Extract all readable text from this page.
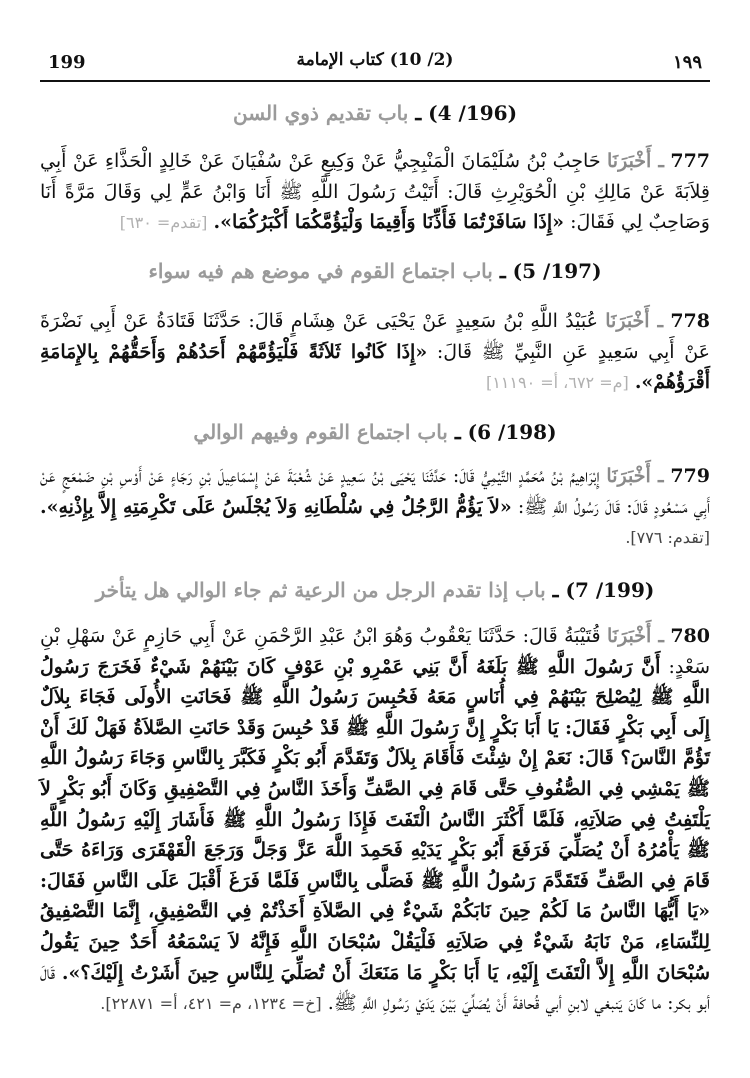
199	(2/ 10) كتاب الإمامة	١٩٩
(196/ 4) ـ باب تقديم ذوي السن
777 ـ أَخْبَرَنَا حَاجِبُ بْنُ سُلَيْمَانَ الْمَنْبِجِيُّ عَنْ وَكِيعٍ عَنْ سُفْيَانَ عَنْ خَالِدٍ الْحَذَّاءِ عَنْ أَبِي قِلاَبَةَ عَنْ مَالِكِ بْنِ الْحُوَيْرِثِ قَالَ: أَتَيْتُ رَسُولَ اللَّهِ ﷺ أَنَا وَابْنُ عَمٍّ لِي وَقَالَ مَرَّةً أَنَا وَصَاحِبٌ لِي فَقَالَ: «إِذَا سَافَرْتُمَا فَأَذِّنَا وَأَقِيمَا وَلْيَؤُمَّكُمَا أَكْبَرُكُمَا». [تقدم= ٦٣٠]
(197/ 5) ـ باب اجتماع القوم في موضع هم فيه سواء
778 ـ أَخْبَرَنَا عُبَيْدُ اللَّهِ بْنُ سَعِيدٍ عَنْ يَحْيَى عَنْ هِشَامٍ قَالَ: حَدَّثَنَا قَتَادَةُ عَنْ أَبِي نَضْرَةَ عَنْ أَبِي سَعِيدٍ عَنِ النَّبِيِّ ﷺ قَالَ: «إِذَا كَانُوا ثَلاَثَةً فَلْيَؤُمَّهُمْ أَحَدُهُمْ وَأَحَقُّهُمْ بِالإِمَامَةِ أَقْرَؤُهُمْ». [م= ٦٧٢، أ= ١١١٩٠]
(198/ 6) ـ باب اجتماع القوم وفيهم الوالي
779 ـ أَخْبَرَنَا إِبْرَاهِيمُ بْنُ مُحَمَّدٍ التَّيْمِيُّ قَالَ: حَدَّثَنَا يَحْيَى بْنُ سَعِيدٍ عَنْ شُعْبَةَ عَنْ إِسْمَاعِيلَ بْنِ رَجَاءٍ عَنْ أَوْسِ بْنِ ضَمْعَجٍ عَنْ أَبِي مَسْعُودٍ قَالَ: قَالَ رَسُولُ اللَّهِ ﷺ: «لاَ يَؤُمُّ الرَّجُلُ فِي سُلْطَانِهِ وَلاَ يُجْلَسُ عَلَى تَكْرِمَتِهِ إِلاَّ بِإِذْنِهِ». [تقدم: ٧٧٦].
(199/ 7) ـ باب إذا تقدم الرجل من الرعية ثم جاء الوالي هل يتأخر
780 ـ أَخْبَرَنَا قُتَيْبَةُ قَالَ: حَدَّثَنَا يَعْقُوبُ وَهُوَ ابْنُ عَبْدِ الرَّحْمَنِ عَنْ أَبِي حَازِمٍ عَنْ سَهْلِ بْنِ سَعْدٍ: أَنَّ رَسُولَ اللَّهِ ﷺ بَلَغَهُ أَنَّ بَنِي عَمْرِو بْنِ عَوْفٍ كَانَ بَيْنَهُمْ شَيْءٌ فَخَرَجَ رَسُولُ اللَّهِ ﷺ لِيُصْلِحَ بَيْنَهُمْ فِي أُنَاسٍ مَعَهُ فَحُبِسَ رَسُولُ اللَّهِ ﷺ فَحَانَتِ الأُولَى فَجَاءَ بِلاَلٌ إِلَى أَبِي بَكْرٍ فَقَالَ: يَا أَبَا بَكْرٍ إِنَّ رَسُولَ اللَّهِ ﷺ قَدْ حُبِسَ وَقَدْ حَانَتِ الصَّلاَةُ فَهَلْ لَكَ أَنْ تَؤُمَّ النَّاسَ؟ قَالَ: نَعَمْ إِنْ شِئْتَ فَأَقَامَ بِلاَلٌ وَتَقَدَّمَ أَبُو بَكْرٍ فَكَبَّرَ بِالنَّاسِ وَجَاءَ رَسُولُ اللَّهِ ﷺ يَمْشِي فِي الصُّفُوفِ حَتَّى قَامَ فِي الصَّفِّ وَأَخَذَ النَّاسُ فِي التَّصْفِيقِ وَكَانَ أَبُو بَكْرٍ لاَ يَلْتَفِتُ فِي صَلاَتِهِ، فَلَمَّا أَكْثَرَ النَّاسُ الْتَفَتَ فَإِذَا رَسُولُ اللَّهِ ﷺ فَأَشَارَ إِلَيْهِ رَسُولُ اللَّهِ ﷺ يَأْمُرُهُ أَنْ يُصَلِّيَ فَرَفَعَ أَبُو بَكْرٍ يَدَيْهِ فَحَمِدَ اللَّهَ عَزَّ وَجَلَّ وَرَجَعَ الْقَهْقَرَى وَرَاءَهُ حَتَّى قَامَ فِي الصَّفِّ فَتَقَدَّمَ رَسُولُ اللَّهِ ﷺ فَصَلَّى بِالنَّاسِ فَلَمَّا فَرَغَ أَقْبَلَ عَلَى النَّاسِ فَقَالَ: «يَا أَيُّهَا النَّاسُ مَا لَكُمْ حِينَ نَابَكُمْ شَيْءٌ فِي الصَّلاَةِ أَخَذْتُمْ فِي التَّصْفِيقِ، إِنَّمَا التَّصْفِيقُ لِلنِّسَاءِ، مَنْ نَابَهُ شَيْءٌ فِي صَلاَتِهِ فَلْيَقُلْ سُبْحَانَ اللَّهِ فَإِنَّهُ لاَ يَسْمَعُهُ أَحَدٌ حِينَ يَقُولُ سُبْحَانَ اللَّهِ إِلاَّ الْتَفَتَ إِلَيْهِ، يَا أَبَا بَكْرٍ مَا مَنَعَكَ أَنْ تُصَلِّيَ لِلنَّاسِ حِينَ أَشَرْتُ إِلَيْكَ؟». قَالَ أبو بكر: ما كَانَ يَنبغي لابنِ أبي قُحافةَ أَنْ يُصَلِّيَ بَيْنَ يَدَيْ رَسُولِ اللَّهِ ﷺ. [خ= ١٢٣٤، م= ٤٢١، أ= ٢٢٨٧١].
